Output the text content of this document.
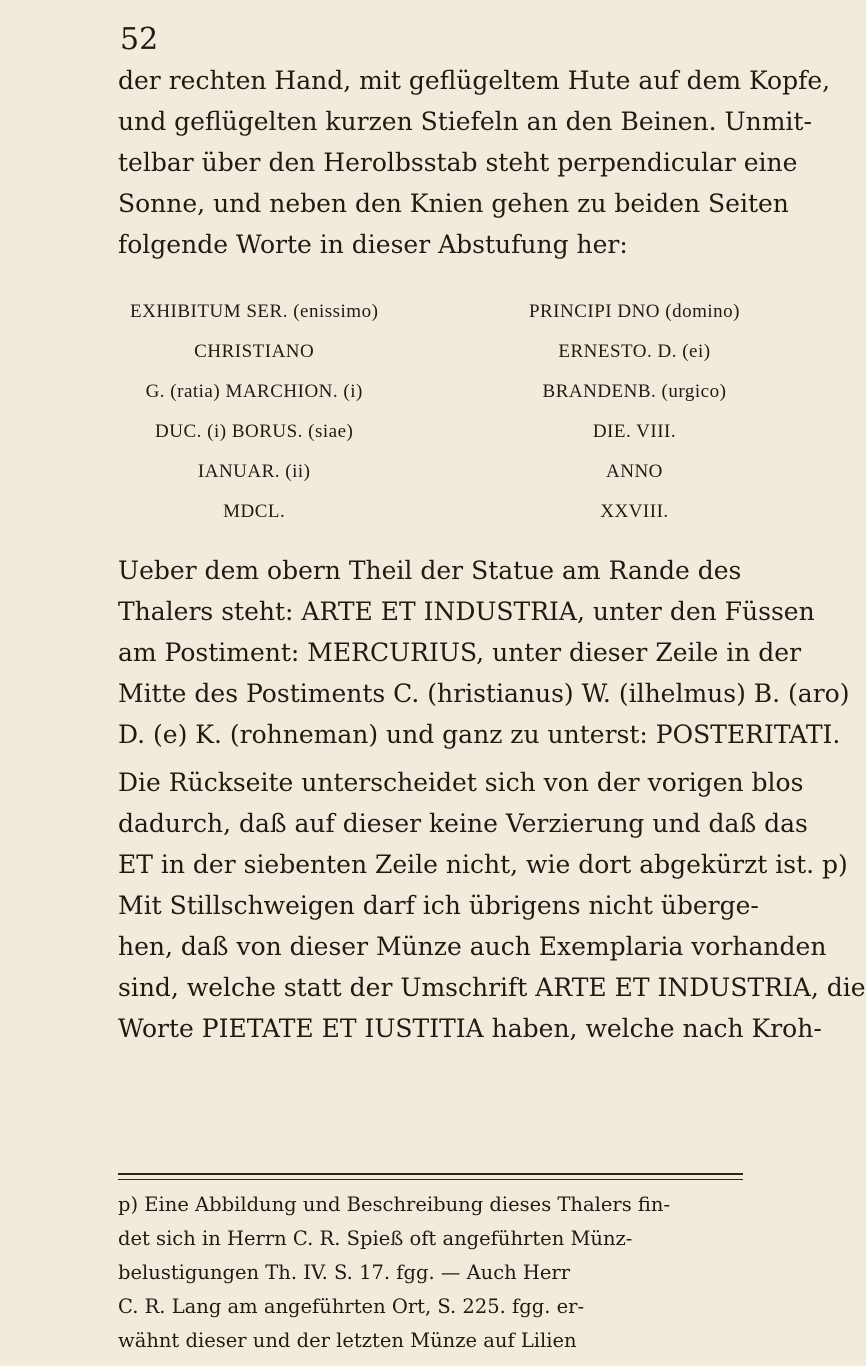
52

der rechten Hand, mit geflügeltem Hute auf dem Kopfe,
und geflügelten kurzen Stiefeln an den Beinen. Unmit-
telbar über den Herolbsstab steht perpendicular eine
Sonne, und neben den Knien gehen zu beiden Seiten
folgende Worte in dieser Abstufung her:

EXHIBITUM SER. (enissimo)
CHRISTIANO
G. (ratia) MARCHION. (i)
DUC. (i) BORUS. (siae)
IANUAR. (ii)
MDCL.
PRINCIPI DNO (domino)
ERNESTO. D. (ei)
BRANDENB. (urgico)
DIE. VIII.
ANNO
XXVIII.

Ueber dem obern Theil der Statue am Rande des
Thalers steht: ARTE ET INDUSTRIA, unter den Füssen
am Postiment: MERCURIUS, unter dieser Zeile in der
Mitte des Postiments C. (hristianus) W. (ilhelmus) B. (aro)
D. (e) K. (rohneman) und ganz zu unterst: POSTERITATI.

Die Rückseite unterscheidet sich von der vorigen blos
dadurch, daß auf dieser keine Verzierung und daß das
ET in der siebenten Zeile nicht, wie dort abgekürzt ist. p)

Mit Stillschweigen darf ich übrigens nicht überge-
hen, daß von dieser Münze auch Exemplaria vorhanden
sind, welche statt der Umschrift ARTE ET INDUSTRIA, die
Worte PIETATE ET IUSTITIA haben, welche nach Kroh-

p) Eine Abbildung und Beschreibung dieses Thalers fin-
det sich in Herrn C. R. Spieß oft angeführten Münz-
belustigungen Th. IV. S. 17. fgg. — Auch Herr
C. R. Lang am angeführten Ort, S. 225. fgg. er-
wähnt dieser und der letzten Münze auf Lilien
